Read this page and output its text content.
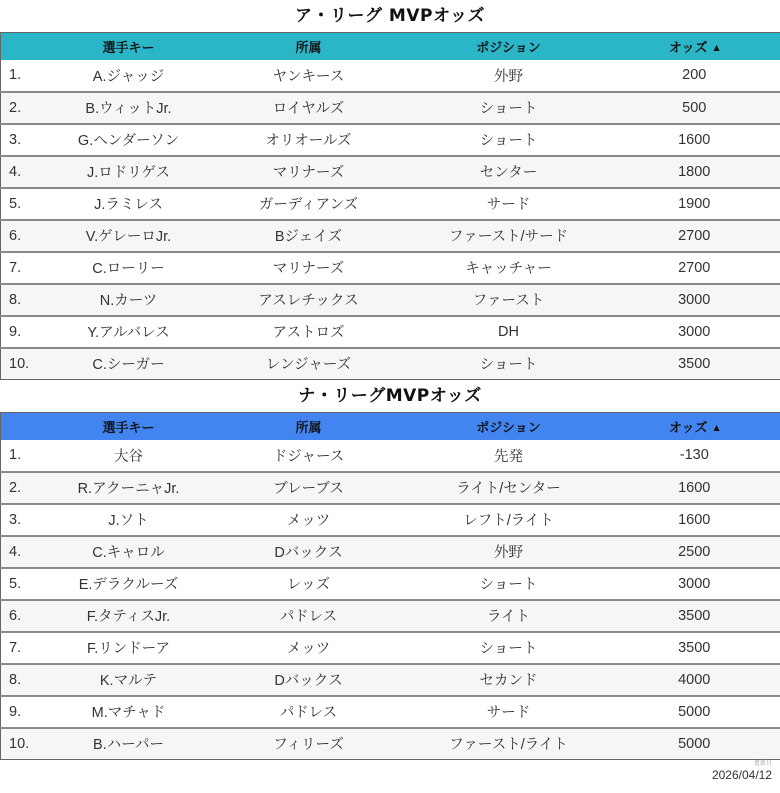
ア・リーグ MVPオッズ
	選手キー	所属	ポジション	オッズ ▲
1.	A.ジャッジ	ヤンキース	外野	200
2.	B.ウィットJr.	ロイヤルズ	ショート	500
3.	G.ヘンダーソン	オリオールズ	ショート	1600
4.	J.ロドリゲス	マリナーズ	センター	1800
5.	J.ラミレス	ガーディアンズ	サード	1900
6.	V.ゲレーロJr.	Bジェイズ	ファースト/サード	2700
7.	C.ローリー	マリナーズ	キャッチャー	2700
8.	N.カーツ	アスレチックス	ファースト	3000
9.	Y.アルバレス	アストロズ	DH	3000
10.	C.シーガー	レンジャーズ	ショート	3500
ナ・リーグMVPオッズ
	選手キー	所属	ポジション	オッズ ▲
1.	大谷	ドジャース	先発	-130
2.	R.アクーニャJr.	ブレーブス	ライト/センター	1600
3.	J.ソト	メッツ	レフト/ライト	1600
4.	C.キャロル	Dバックス	外野	2500
5.	E.デラクルーズ	レッズ	ショート	3000
6.	F.タティスJr.	パドレス	ライト	3500
7.	F.リンドーア	メッツ	ショート	3500
8.	K.マルテ	Dバックス	セカンド	4000
9.	M.マチャド	パドレス	サード	5000
10.	B.ハーパー	フィリーズ	ファースト/ライト	5000
更新日
2026/04/12
